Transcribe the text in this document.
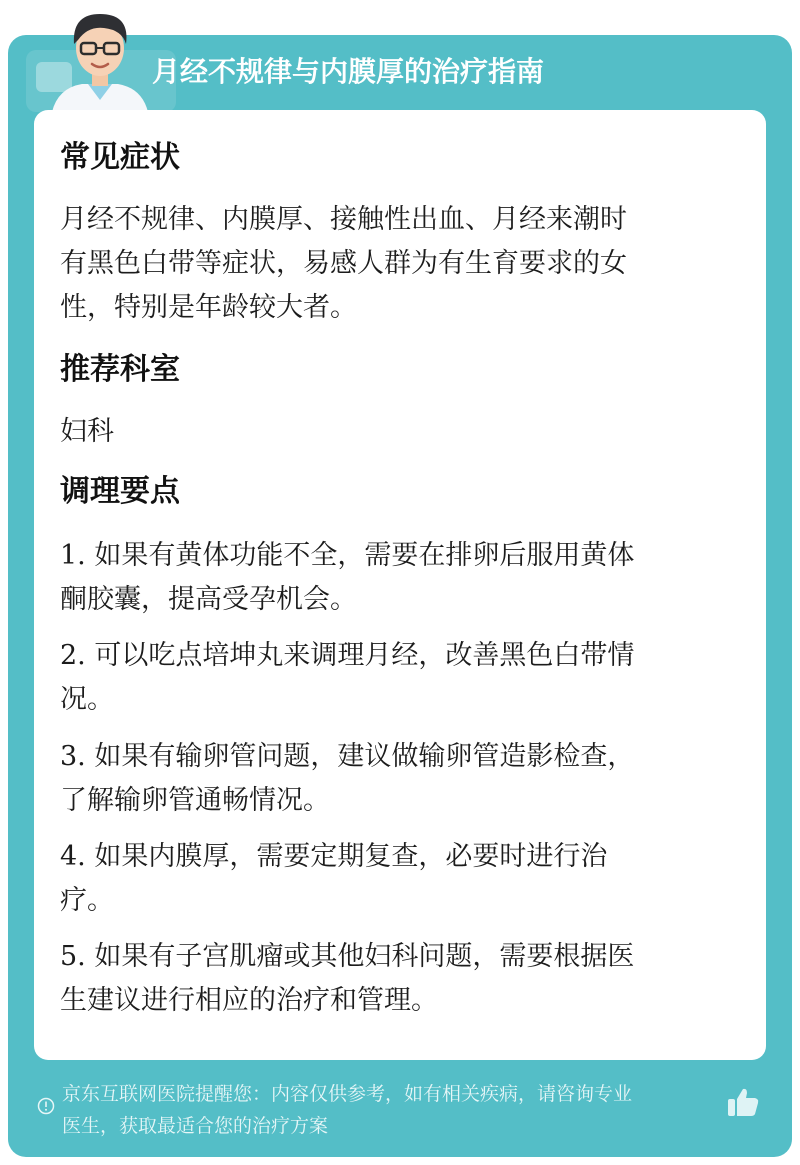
月经不规律与内膜厚的治疗指南
常见症状
月经不规律、内膜厚、接触性出血、月经来潮时
有黑色白带等症状，易感人群为有生育要求的女
性，特别是年龄较大者。
推荐科室
妇科
调理要点
1. 如果有黄体功能不全，需要在排卵后服用黄体
酮胶囊，提高受孕机会。
2. 可以吃点培坤丸来调理月经，改善黑色白带情
况。
3. 如果有输卵管问题，建议做输卵管造影检查，
了解输卵管通畅情况。
4. 如果内膜厚，需要定期复查，必要时进行治
疗。
5. 如果有子宫肌瘤或其他妇科问题，需要根据医
生建议进行相应的治疗和管理。
京东互联网医院提醒您：内容仅供参考，如有相关疾病，请咨询专业
医生，获取最适合您的治疗方案
